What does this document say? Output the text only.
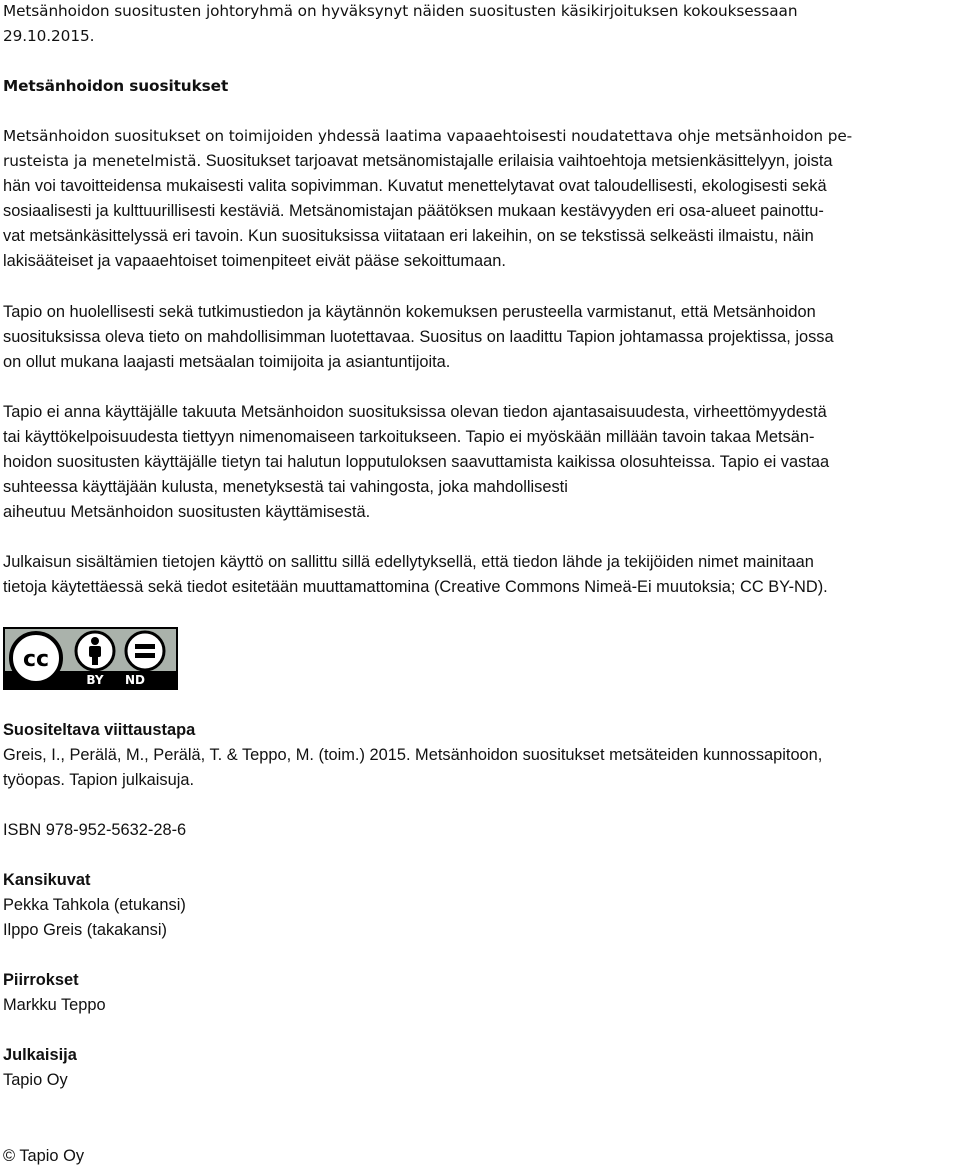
Metsänhoidon suositusten johtoryhmä on hyväksynyt näiden suositusten käsikirjoituksen kokouksessaan

29.10.2015.

Metsänhoidon suositukset

Metsänhoidon suositukset on toimijoiden yhdessä laatima vapaaehtoisesti noudatettava ohje metsänhoidon pe-

rusteista ja menetelmistä. Suositukset tarjoavat metsänomistajalle erilaisia vaihtoehtoja metsienkäsittelyyn, joista

hän voi tavoitteidensa mukaisesti valita sopivimman. Kuvatut menettelytavat ovat taloudellisesti, ekologisesti sekä

sosiaalisesti ja kulttuurillisesti kestäviä. Metsänomistajan päätöksen mukaan kestävyyden eri osa-alueet painottu-

vat metsänkäsittelyssä eri tavoin. Kun suosituksissa viitataan eri lakeihin, on se tekstissä selkeästi ilmaistu, näin

lakisääteiset ja vapaaehtoiset toimenpiteet eivät pääse sekoittumaan.

Tapio on huolellisesti sekä tutkimustiedon ja käytännön kokemuksen perusteella varmistanut, että Metsänhoidon

suosituksissa oleva tieto on mahdollisimman luotettavaa. Suositus on laadittu Tapion johtamassa projektissa, jossa

on ollut mukana laajasti metsäalan toimijoita ja asiantuntijoita.

Tapio ei anna käyttäjälle takuuta Metsänhoidon suosituksissa olevan tiedon ajantasaisuudesta, virheettömyydestä

tai käyttökelpoisuudesta tiettyyn nimenomaiseen tarkoitukseen. Tapio ei myöskään millään tavoin takaa Metsän-

hoidon suositusten käyttäjälle tietyn tai halutun lopputuloksen saavuttamista kaikissa olosuhteissa. Tapio ei vastaa

suhteessa käyttäjään kulusta, menetyksestä tai vahingosta, joka mahdollisesti

aiheutuu Metsänhoidon suositusten käyttämisestä.

Julkaisun sisältämien tietojen käyttö on sallittu sillä edellytyksellä, että tiedon lähde ja tekijöiden nimet mainitaan

tietoja käytettäessä sekä tiedot esitetään muuttamattomina (Creative Commons Nimeä-Ei muutoksia; CC BY-ND).

cc
BY ND

Suositeltava viittaustapa

Greis, I., Perälä, M., Perälä, T. & Teppo, M. (toim.) 2015. Metsänhoidon suositukset metsäteiden kunnossapitoon,

työopas. Tapion julkaisuja.

ISBN 978-952-5632-28-6

Kansikuvat

Pekka Tahkola (etukansi)

Ilppo Greis (takakansi)

Piirrokset

Markku Teppo

Julkaisija

Tapio Oy

© Tapio Oy
